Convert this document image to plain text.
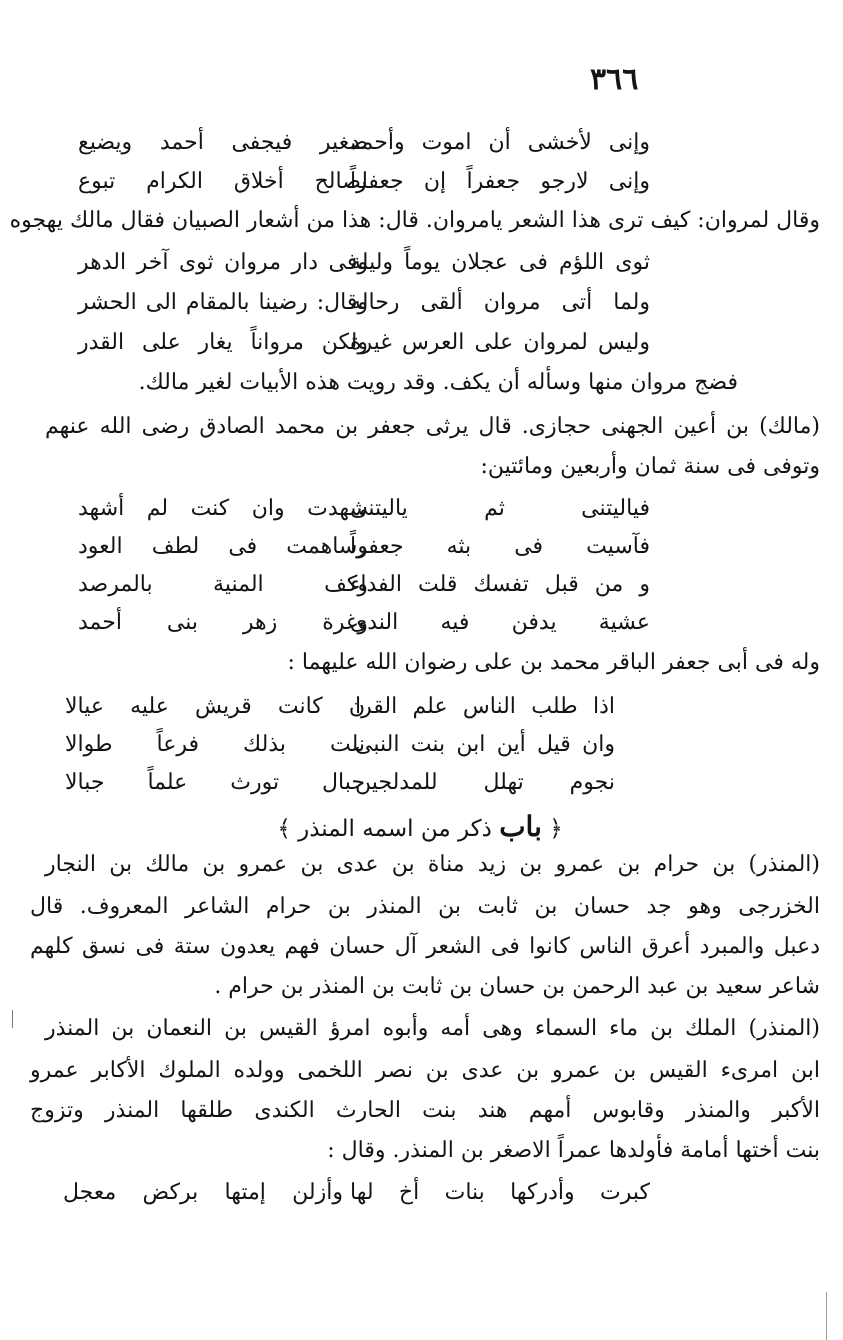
٣٦٦
وإنى لأخشى أن اموت وأحمد
صغير فيجفى أحمد ويضيع
وإنى لارجو جعفراً إن جعفراً
لصالح أخلاق الكرام تبوع
وقال لمروان: كيف ترى هذا الشعر يامروان. قال: هذا من أشعار الصبيان فقال مالك يهجوه
ثوى اللؤم فى عجلان يوماً وليلة
وفى دار مروان ثوى آخر الدهر
ولما أتى مروان ألقى رحاله
وقال: رضينا بالمقام الى الحشر
وليس لمروان على العرس غيرة
ولكن مرواناً يغار على القدر
فضج مروان منها وسأله أن يكف. وقد رويت هذه الأبيات لغير مالك.
(مالك) بن أعين الجهنى حجازى. قال يرثى جعفر بن محمد الصادق رضى الله عنهم
وتوفى فى سنة ثمان وأربعين ومائتين:
فياليتنى ثم ياليتنى
شهدت وان كنت لم أشهد
فآسيت فى بثه جعفراً
وساهمت فى لطف العود
و من قبل تفسك قلت الفداء
وكف المنية بالمرصد
عشية يدفن فيه الندى
وغرة زهر بنى أحمد
وله فى أبى جعفر الباقر محمد بن على رضوان الله عليهما :
اذا طلب الناس علم القرا
ن كانت قريش عليه عيالا
وان قيل أين ابن بنت النبى
نلت بذلك فرعاً طوالا
نجوم تهلل للمدلجين
جبال تورث علماً جبالا
﴿ باب ذكر من اسمه المنذر ﴾
(المنذر) بن حرام بن عمرو بن زيد مناة بن عدى بن عمرو بن مالك بن النجار
الخزرجى وهو جد حسان بن ثابت بن المنذر بن حرام الشاعر المعروف. قال
دعبل والمبرد أعرق الناس كانوا فى الشعر آل حسان فهم يعدون ستة فى نسق كلهم
شاعر سعيد بن عبد الرحمن بن حسان بن ثابت بن المنذر بن حرام .
(المنذر) الملك بن ماء السماء وهى أمه وأبوه امرؤ القيس بن النعمان بن المنذر
ابن امرىء القيس بن عمرو بن عدى بن نصر اللخمى وولده الملوك الأكابر عمرو
الأكبر والمنذر وقابوس أمهم هند بنت الحارث الكندى طلقها المنذر وتزوج
بنت أختها أمامة فأولدها عمراً الاصغر بن المنذر. وقال :
كبرت وأدركها بنات أخ لها
وأزلن إمتها بركض معجل
